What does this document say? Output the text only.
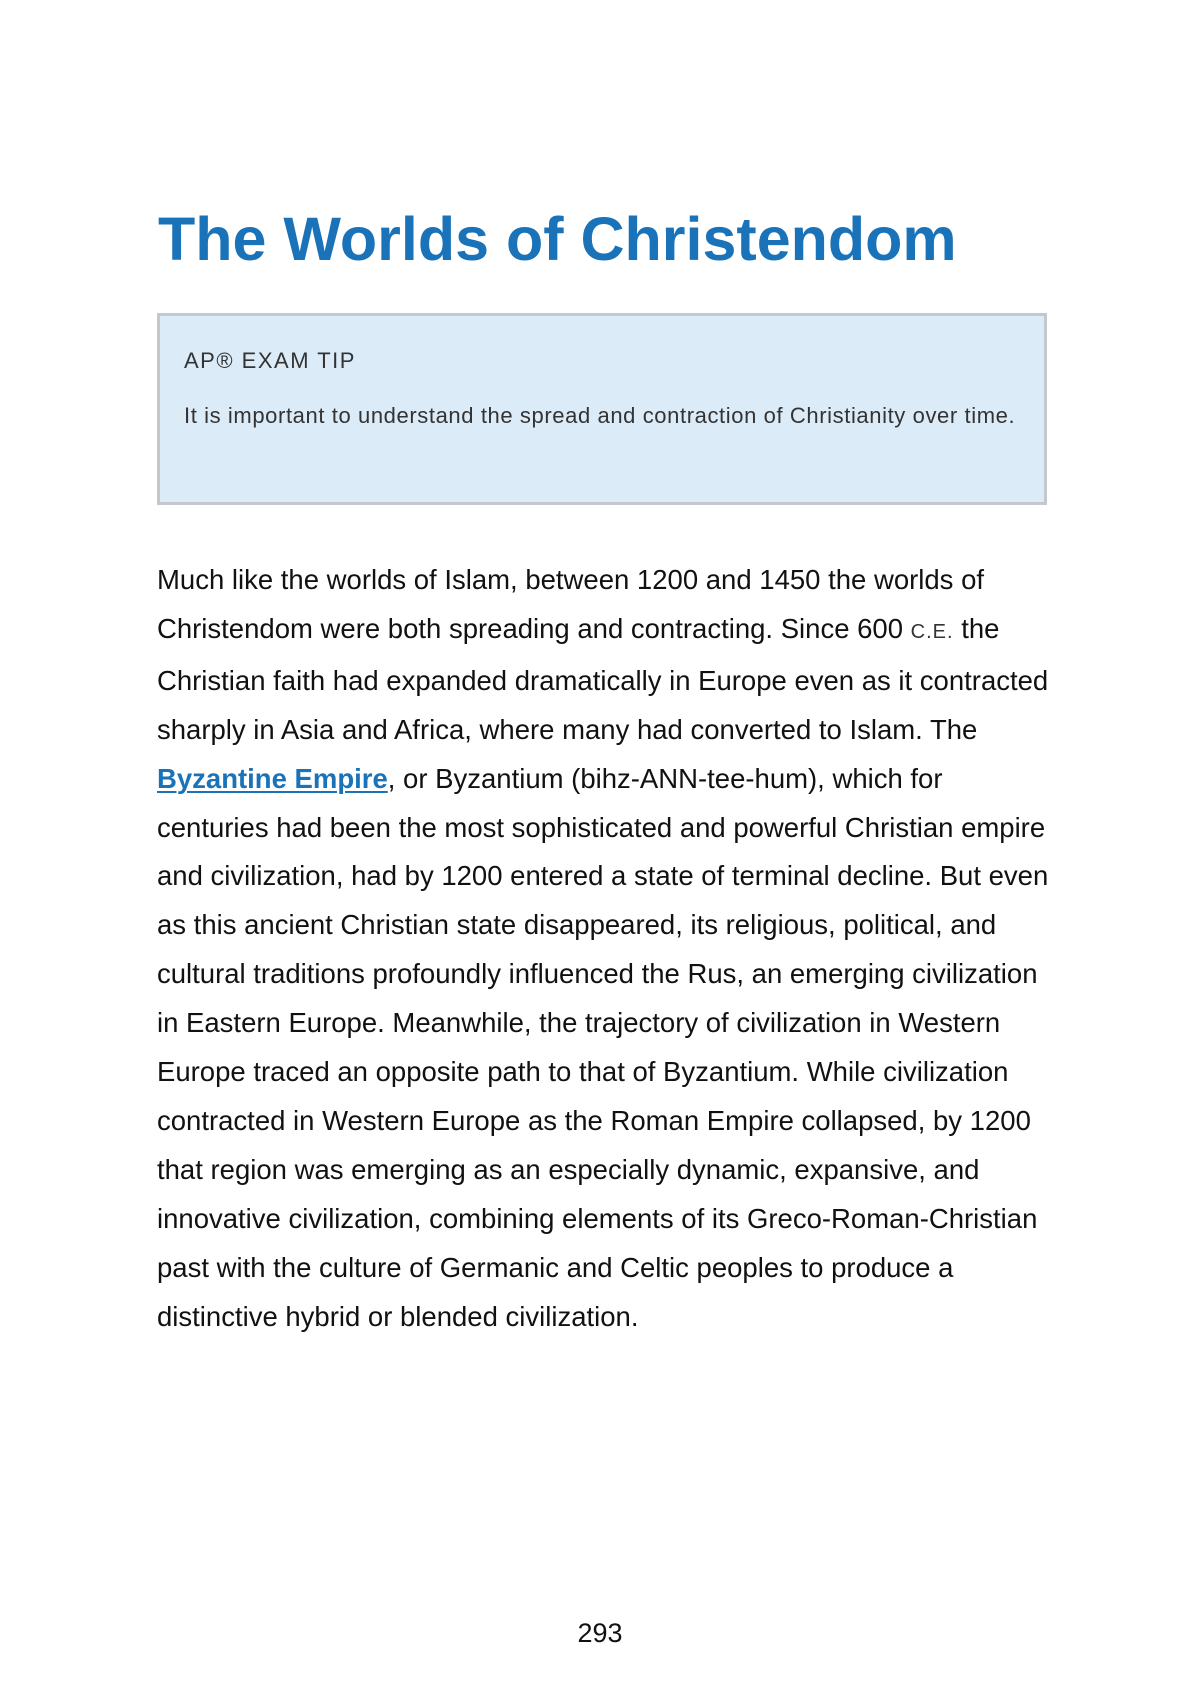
The Worlds of Christendom
AP® EXAM TIP

It is important to understand the spread and contraction of Christianity over time.

Much like the worlds of Islam, between 1200 and 1450 the worlds of Christendom were both spreading and contracting. Since 600 C.E. the Christian faith had expanded dramatically in Europe even as it contracted sharply in Asia and Africa, where many had converted to Islam. The Byzantine Empire, or Byzantium (bihz-ANN-tee-hum), which for centuries had been the most sophisticated and powerful Christian empire and civilization, had by 1200 entered a state of terminal decline. But even as this ancient Christian state disappeared, its religious, political, and cultural traditions profoundly influenced the Rus, an emerging civilization in Eastern Europe. Meanwhile, the trajectory of civilization in Western Europe traced an opposite path to that of Byzantium. While civilization contracted in Western Europe as the Roman Empire collapsed, by 1200 that region was emerging as an especially dynamic, expansive, and innovative civilization, combining elements of its Greco-Roman-Christian past with the culture of Germanic and Celtic peoples to produce a distinctive hybrid or blended civilization.

293
